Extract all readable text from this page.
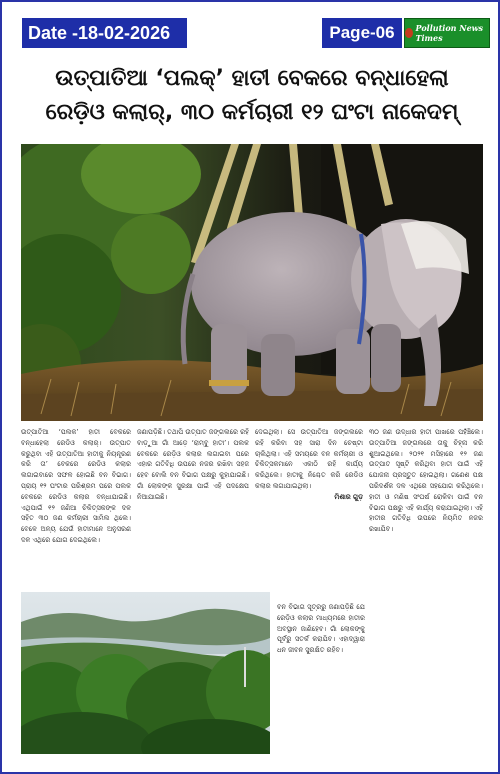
Date -18-02-2026	Page-06	Pollution News Times
ଉତ୍ପାତିଆ ‘ପଲକ୍’ ହାତୀ ବେକରେ ବନ୍ଧାହେଲା
ରେଡ଼ିଓ କଲାର୍, ୩୦ କର୍ମଚାରୀ ୧୨ ଘଂଟା ନାକେଦମ୍

ଉତ୍ପାତିଆ ‘ପଲକ’ ହାତୀ ବେକରେ ବନ୍ଧାହେଲା ରେଡିଓ କଲାର୍। ଉତ୍ପାତ କରୁଥିବା ଏହି ଉତ୍ପାତିଆ ହାତୀକୁ ନିୟନ୍ତ୍ରଣ କରି ତା’ ବେକରେ ରେଡିଓ କଲାର ଲଗାଇବାରେ ସଫଳ ହୋଇଛି ବନ ବିଭାଗ। ପ୍ରାୟ ୧୨ ଘଂଟାର ପରିଶ୍ରମ ପରେ ପଲକ ବେକରେ ରେଡିଓ କଲାର ବନ୍ଧାଯାଇଛି। ଏଥିପାଇଁ ୧୨ ଜଣିଆ ଚିକିତ୍ସକଙ୍କ ଦଳ ସହିତ ୩୦ ଜଣ କର୍ମଚାରୀ ସାମିଲ ଥିଲେ। ବେଳେ ଅନ୍ୟ ଯେଉଁ ହାତୀମାନେ ଅନୁସରଣ ଦଳ ଏଥିରେ ଯୋଗ ଦେଇଥିଲେ।

ଜଣାପଡ଼ିଛି। ତଥାପି ଉତ୍ପାତ ଜଙ୍ଗଲରେ ରହି ବାଡ଼ୁଆ ଗାଁ ଆଡ଼େ ‘ରାମ୍ବୁ ହାତୀ’। ପଲକ ବେକରେ ରେଡ଼ିଓ କଲାର ଲଗାଇବା ପରେ ଏହାର ଗତିବିଧି ଉପରେ ନଜର ରଖିବା ସହଜ ହେବ ବୋଲି ବନ ବିଭାଗ ପକ୍ଷରୁ କୁହାଯାଇଛି। ଗାଁ ଲୋକଙ୍କ ସୁରକ୍ଷା ପାଇଁ ଏହି ପଦକ୍ଷେପ ନିଆଯାଇଛି।

ଦେଇଥିଲା। ସେ ଉତ୍ପାତିଆ ଜଙ୍ଗଲରେ ରହି କରିବା ସହ ସାରା ଦିନ ଚେଷ୍ଟା ଚାଲିଥିଲା। ଏହି ସମୟରେ ବନ କର୍ମଚାରୀ ଓ ଚିକିତ୍ସକମାନେ ଏକାଠି ରହି କାର୍ଯ୍ୟ କରିଥିଲେ। ହାତୀକୁ ନିଶ୍ଚେତ କରି ରେଡିଓ କଲାର ଲଗାଯାଇଥିଲା।

ମିଶାର ଗୁଡ଼

୩୦ ଜଣ ଉଦ୍ଧାର ହାତୀ ପାଖରେ ପହଁଞ୍ଚିଲେ। ଉତ୍ପାତିଆ ଜଙ୍ଗଲରେ ତାକୁ ଚିହ୍ନା କରି ଶୁଆଇଥିଲେ। ୨୦୨୧ ମସିହାରେ ୧୨ ଜଣ ଉତ୍ପାତ ସୃଷ୍ଟି କରିଥିବା ହାତୀ ପାଇଁ ଏହି ଯୋଜନା ପ୍ରସ୍ତୁତ ହୋଇଥିଲା। ଗଣେଶ ପକ୍ଷ ପରିଦର୍ଶକ ଦଳ ଏଥିରେ ସହଯୋଗ କରିଥିଲେ। ହାତୀ ଓ ମଣିଷ ସଂଘର୍ଷ ରୋକିବା ପାଇଁ ବନ ବିଭାଗ ପକ୍ଷରୁ ଏହି କାର୍ଯ୍ୟ କରାଯାଇଥିଲା। ଏହି ହାତୀର ଗତିବିଧି ଉପରେ ନିୟମିତ ନଜର ରଖାଯିବ।

ବନ ବିଭାଗ ସୂତ୍ରରୁ ଜଣାପଡ଼ିଛି ଯେ ରେଡ଼ିଓ କଲାର ମାଧ୍ୟମରେ ହାତୀର ଅବସ୍ଥାନ ଜାଣିହେବ। ଗାଁ ଲୋକଙ୍କୁ ପୂର୍ବରୁ ସତର୍କ କରାଯିବ। ଏହାଦ୍ୱାରା ଧନ ଜୀବନ ସୁରକ୍ଷିତ ରହିବ।
